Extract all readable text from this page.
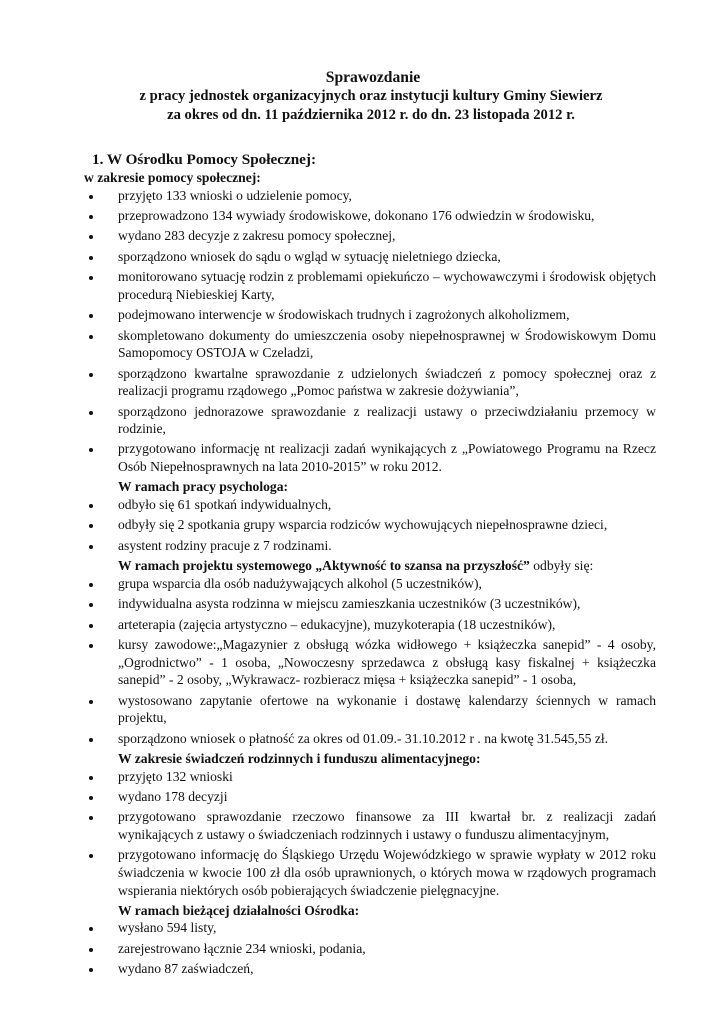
Sprawozdanie

z pracy jednostek organizacyjnych oraz instytucji kultury Gminy Siewierz

za okres od dn. 11 października 2012 r. do dn. 23 listopada 2012 r.

1. W Ośrodku Pomocy Społecznej:

w zakresie pomocy społecznej:

przyjęto 133 wnioski o udzielenie pomocy,
przeprowadzono 134 wywiady środowiskowe, dokonano 176 odwiedzin w środowisku,
wydano 283 decyzje z zakresu pomocy społecznej,
sporządzono wniosek do sądu o wgląd w sytuację nieletniego dziecka,
monitorowano sytuację rodzin z problemami opiekuńczo – wychowawczymi i środowisk objętych procedurą Niebieskiej Karty,
podejmowano interwencje w środowiskach trudnych i zagrożonych alkoholizmem,
skompletowano dokumenty do umieszczenia osoby niepełnosprawnej w Środowiskowym Domu Samopomocy OSTOJA w Czeladzi,
sporządzono kwartalne sprawozdanie z udzielonych świadczeń z pomocy społecznej oraz z realizacji programu rządowego „Pomoc państwa w zakresie dożywiania”,
sporządzono jednorazowe sprawozdanie z realizacji ustawy o przeciwdziałaniu przemocy w rodzinie,
przygotowano informację nt realizacji zadań wynikających z „Powiatowego Programu na Rzecz Osób Niepełnosprawnych na lata 2010-2015” w roku 2012.

W ramach pracy psychologa:

odbyło się 61 spotkań indywidualnych,
odbyły się 2 spotkania grupy wsparcia rodziców wychowujących niepełnosprawne dzieci,
asystent rodziny pracuje z 7 rodzinami.

W ramach projektu systemowego „Aktywność to szansa na przyszłość” odbyły się:

grupa wsparcia dla osób nadużywających alkohol (5 uczestników),
indywidualna asysta rodzinna w miejscu zamieszkania uczestników (3 uczestników),
arteterapia (zajęcia artystyczno – edukacyjne), muzykoterapia (18 uczestników),
kursy zawodowe:„Magazynier z obsługą wózka widłowego + książeczka sanepid” - 4 osoby, „Ogrodnictwo” - 1 osoba, „Nowoczesny sprzedawca z obsługą kasy fiskalnej + książeczka sanepid” - 2 osoby, „Wykrawacz- rozbieracz mięsa + książeczka sanepid” - 1 osoba,
wystosowano zapytanie ofertowe na wykonanie i dostawę kalendarzy ściennych w ramach projektu,
sporządzono wniosek o płatność za okres od 01.09.- 31.10.2012 r . na kwotę 31.545,55 zł.

W zakresie świadczeń rodzinnych i funduszu alimentacyjnego:

przyjęto 132 wnioski
wydano 178 decyzji
przygotowano sprawozdanie rzeczowo finansowe za III kwartał br. z realizacji zadań wynikających z ustawy o świadczeniach rodzinnych i ustawy o funduszu alimentacyjnym,
przygotowano informację do Śląskiego Urzędu Wojewódzkiego w sprawie wypłaty w 2012 roku świadczenia w kwocie 100 zł dla osób uprawnionych, o których mowa w rządowych programach wspierania niektórych osób pobierających świadczenie pielęgnacyjne.

W ramach bieżącej działalności Ośrodka:

wysłano 594 listy,
zarejestrowano łącznie 234 wnioski, podania,
wydano 87 zaświadczeń,
